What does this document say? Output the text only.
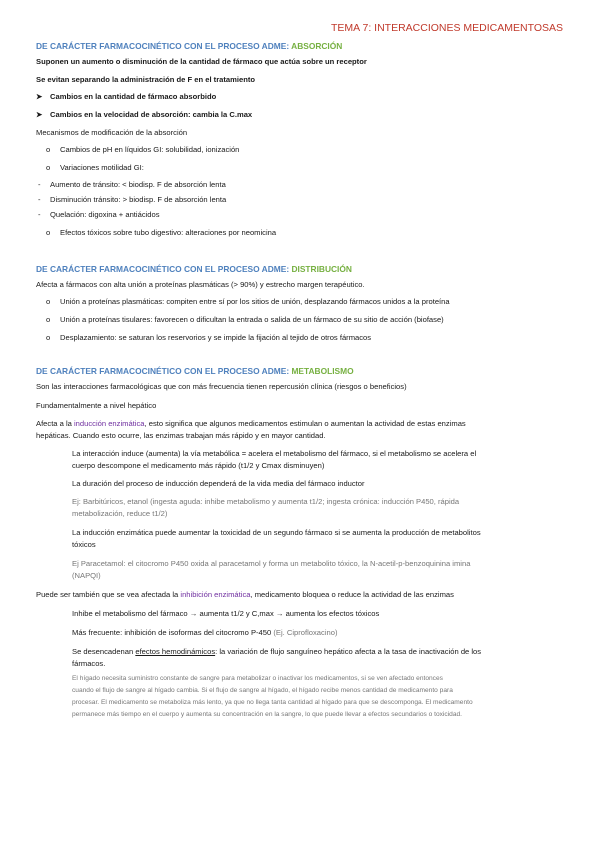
TEMA 7: INTERACCIONES MEDICAMENTOSAS
DE CARÁCTER FARMACOCINÉTICO CON EL PROCESO ADME: ABSORCIÓN
Suponen un aumento o disminución de la cantidad de fármaco que actúa sobre un receptor
Se evitan separando la administración de F en el tratamiento
➤ Cambios en la cantidad de fármaco absorbido
➤ Cambios en la velocidad de absorción: cambia la C.max
Mecanismos de modificación de la absorción
o Cambios de pH en líquidos GI: solubilidad, ionización
o Variaciones motilidad GI:
- Aumento de tránsito: < biodisp. F de absorción lenta
- Disminución tránsito: > biodisp. F de absorción lenta
- Quelación: digoxina + antiácidos
o Efectos tóxicos sobre tubo digestivo: alteraciones por neomicina
DE CARÁCTER FARMACOCINÉTICO CON EL PROCESO ADME: DISTRIBUCIÓN
Afecta a fármacos con alta unión a proteínas plasmáticas (> 90%) y estrecho margen terapéutico.
o Unión a proteínas plasmáticas: compiten entre sí por los sitios de unión, desplazando fármacos unidos a la proteína
o Unión a proteínas tisulares: favorecen o dificultan la entrada o salida de un fármaco de su sitio de acción (biofase)
o Desplazamiento: se saturan los reservorios y se impide la fijación al tejido de otros fármacos
DE CARÁCTER FARMACOCINÉTICO CON EL PROCESO ADME: METABOLISMO
Son las interacciones farmacológicas que con más frecuencia tienen repercusión clínica (riesgos o beneficios)
Fundamentalmente a nivel hepático
Afecta a la inducción enzimática, esto significa que algunos medicamentos estimulan o aumentan la actividad de estas enzimas
hepáticas. Cuando esto ocurre, las enzimas trabajan más rápido y en mayor cantidad.
La interacción induce (aumenta) la vía metabólica = acelera el metabolismo del fármaco, si el metabolismo se acelera el
cuerpo descompone el medicamento más rápido (t1/2 y Cmax disminuyen)
La duración del proceso de inducción dependerá de la vida media del fármaco inductor
Ej: Barbitúricos, etanol (ingesta aguda: inhibe metabolismo y aumenta t1/2; ingesta crónica: inducción P450, rápida
metabolización, reduce t1/2)
La inducción enzimática puede aumentar la toxicidad de un segundo fármaco si se aumenta la producción de metabolitos
tóxicos
Ej Paracetamol: el citocromo P450 oxida al paracetamol y forma un metabolito tóxico, la N-acetil-p-benzoquinina imina
(NAPQI)
Puede ser también que se vea afectada la inhibición enzimática, medicamento bloquea o reduce la actividad de las enzimas
Inhibe el metabolismo del fármaco → aumenta t1/2 y C,max → aumenta los efectos tóxicos
Más frecuente: inhibición de isoformas del citocromo P-450 (Ej. Ciprofloxacino)
Se desencadenan efectos hemodinámicos: la variación de flujo sanguíneo hepático afecta a la tasa de inactivación de los
fármacos.
El hígado necesita suministro constante de sangre para metabolizar o inactivar los medicamentos, si se ven afectado entonces
cuando el flujo de sangre al hígado cambia. Si el flujo de sangre al hígado, el hígado recibe menos cantidad de medicamento para
procesar. El medicamento se metaboliza más lento, ya que no llega tanta cantidad al hígado para que se descomponga. El medicamento
permanece más tiempo en el cuerpo y aumenta su concentración en la sangre, lo que puede llevar a efectos secundarios o toxicidad.
